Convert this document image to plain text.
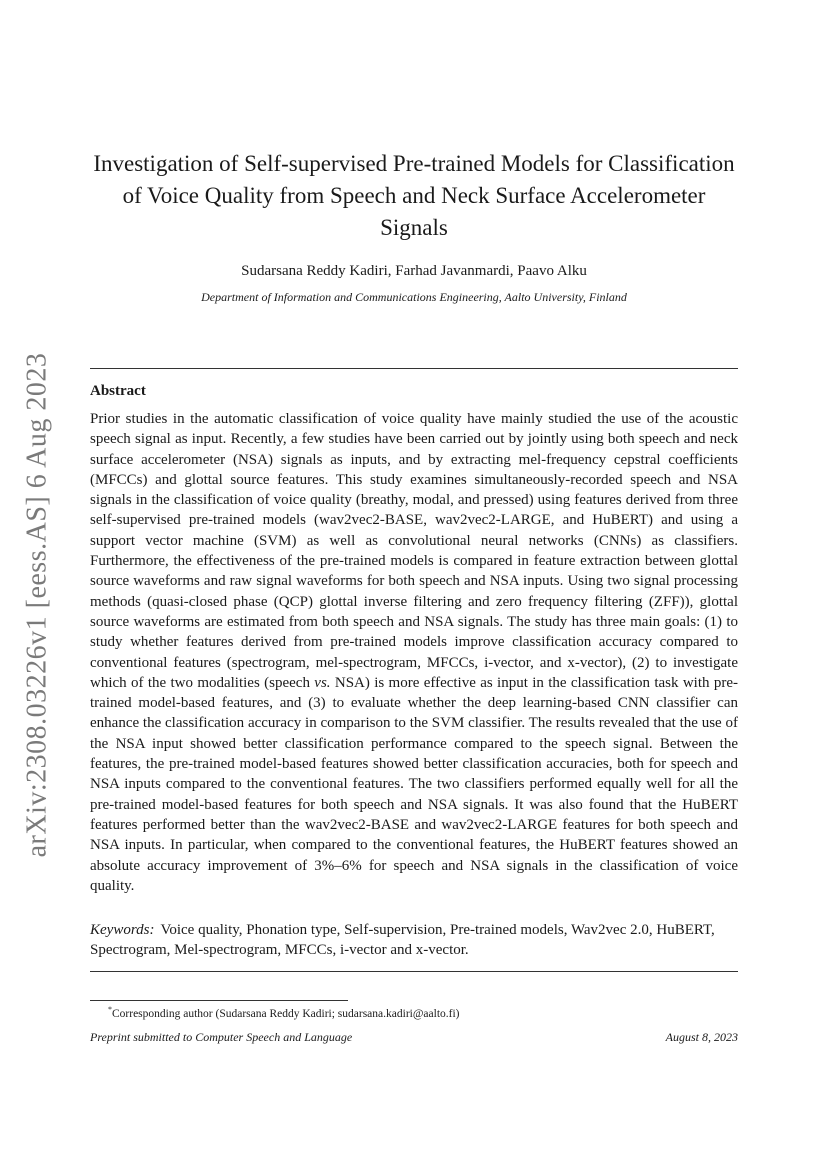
arXiv:2308.03226v1 [eess.AS] 6 Aug 2023
Investigation of Self-supervised Pre-trained Models for Classification of Voice Quality from Speech and Neck Surface Accelerometer Signals
Sudarsana Reddy Kadiri, Farhad Javanmardi, Paavo Alku
Department of Information and Communications Engineering, Aalto University, Finland
Abstract

Prior studies in the automatic classification of voice quality have mainly studied the use of the acoustic speech signal as input. Recently, a few studies have been carried out by jointly using both speech and neck surface accelerometer (NSA) signals as inputs, and by extracting mel-frequency cepstral coefficients (MFCCs) and glottal source features. This study examines simultaneously-recorded speech and NSA signals in the classification of voice quality (breathy, modal, and pressed) using features derived from three self-supervised pre-trained models (wav2vec2-BASE, wav2vec2-LARGE, and HuBERT) and using a support vector machine (SVM) as well as convolutional neural networks (CNNs) as classifiers. Furthermore, the effectiveness of the pre-trained models is compared in feature extraction between glottal source waveforms and raw signal waveforms for both speech and NSA inputs. Using two signal processing methods (quasi-closed phase (QCP) glottal inverse filtering and zero frequency filtering (ZFF)), glottal source waveforms are estimated from both speech and NSA signals. The study has three main goals: (1) to study whether features derived from pre-trained models improve classification accuracy compared to conventional features (spectrogram, mel-spectrogram, MFCCs, i-vector, and x-vector), (2) to investigate which of the two modalities (speech vs. NSA) is more effective as input in the classification task with pre-trained model-based features, and (3) to evaluate whether the deep learning-based CNN classifier can enhance the classification accuracy in comparison to the SVM classifier. The results revealed that the use of the NSA input showed better classification performance compared to the speech signal. Between the features, the pre-trained model-based features showed better classification accuracies, both for speech and NSA inputs compared to the conventional features. The two classifiers performed equally well for all the pre-trained model-based features for both speech and NSA signals. It was also found that the HuBERT features performed better than the wav2vec2-BASE and wav2vec2-LARGE features for both speech and NSA inputs. In particular, when compared to the conventional features, the HuBERT features showed an absolute accuracy improvement of 3%–6% for speech and NSA signals in the classification of voice quality.

Keywords: Voice quality, Phonation type, Self-supervision, Pre-trained models, Wav2vec 2.0, HuBERT, Spectrogram, Mel-spectrogram, MFCCs, i-vector and x-vector.

*Corresponding author (Sudarsana Reddy Kadiri; sudarsana.kadiri@aalto.fi)
Preprint submitted to Computer Speech and Language	August 8, 2023
